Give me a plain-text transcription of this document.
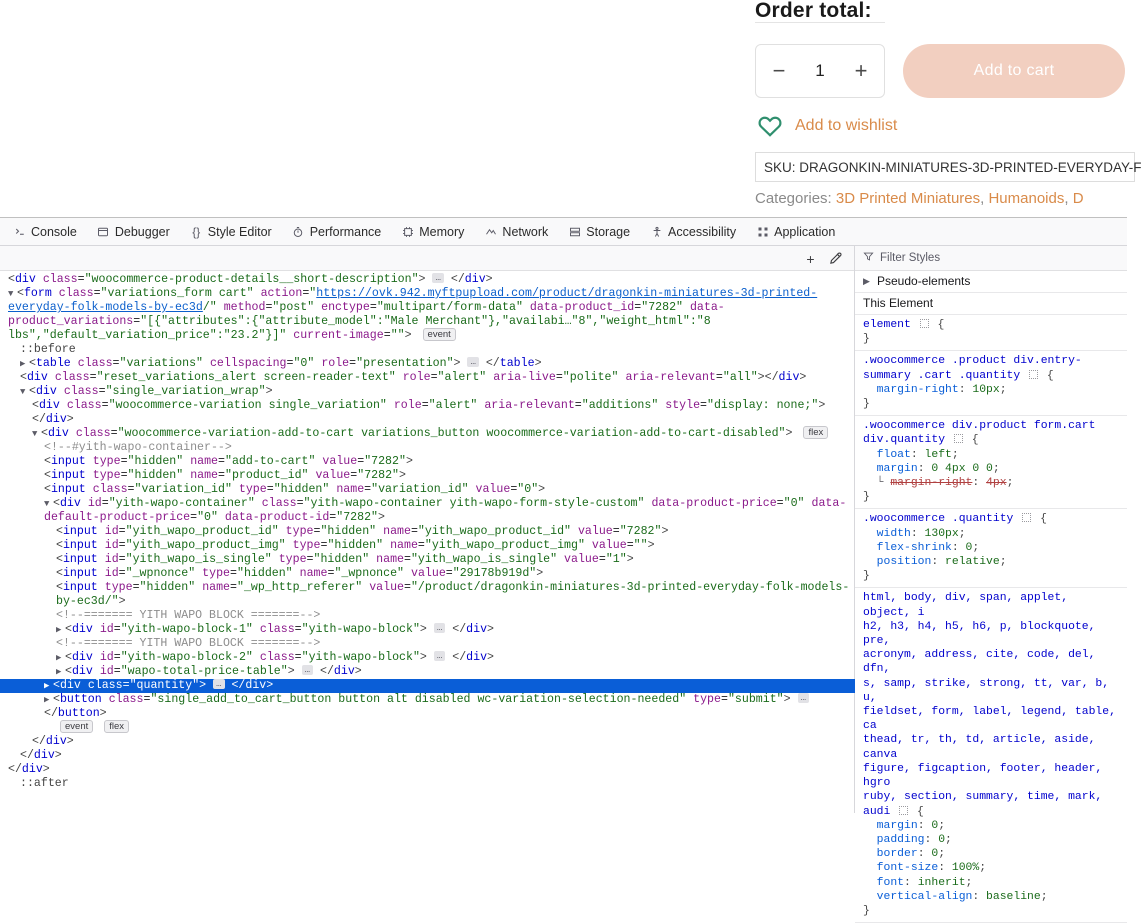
Order total:
− 1 +	Add to cart
Add to wishlist
SKU: DRAGONKIN-MINIATURES-3D-PRINTED-EVERYDAY-F
Categories: 3D Printed Miniatures, Humanoids, D
Console	Debugger {} Style Editor	Performance	Memory	Network	Storage	Accessibility	Application
+
<div class="woocommerce-product-details__short-description"> … </div>
▼ <form class="variations_form cart" action="https://ovk.942.myftpupload.com/product/dragonkin-miniatures-3d-printed-everyday-folk-models-by-ec3d/" method="post" enctype="multipart/form-data" data-product_id="7282" data-product_variations="[{"attributes":{"attribute_model":"Male Merchant"},"availabi…"8","weight_html":"8 lbs","default_variation_price":"23.2"}]" current-image=""> event
::before
▶ <table class="variations" cellspacing="0" role="presentation"> … </table>
<div class="reset_variations_alert screen-reader-text" role="alert" aria-live="polite" aria-relevant="all"></div>
▼ <div class="single_variation_wrap">
<div class="woocommerce-variation single_variation" role="alert" aria-relevant="additions" style="display: none;"></div>
▼ <div class="woocommerce-variation-add-to-cart variations_button woocommerce-variation-add-to-cart-disabled"> flex
<!--#yith-wapo-container-->
<input type="hidden" name="add-to-cart" value="7282">
<input type="hidden" name="product_id" value="7282">
<input class="variation_id" type="hidden" name="variation_id" value="0">
▼ <div id="yith-wapo-container" class="yith-wapo-container yith-wapo-form-style-custom" data-product-price="0" data-default-product-price="0" data-product-id="7282">
<input id="yith_wapo_product_id" type="hidden" name="yith_wapo_product_id" value="7282">
<input id="yith_wapo_product_img" type="hidden" name="yith_wapo_product_img" value="">
<input id="yith_wapo_is_single" type="hidden" name="yith_wapo_is_single" value="1">
<input id="_wpnonce" type="hidden" name="_wpnonce" value="29178b919d">
<input type="hidden" name="_wp_http_referer" value="/product/dragonkin-miniatures-3d-printed-everyday-folk-models-by-ec3d/">
<!--======= YITH WAPO BLOCK =======-->
▶ <div id="yith-wapo-block-1" class="yith-wapo-block"> … </div>
<!--======= YITH WAPO BLOCK =======-->
▶ <div id="yith-wapo-block-2" class="yith-wapo-block"> … </div>
▶ <div id="wapo-total-price-table"> … </div>
▶ <div class="quantity"> … </div>
▶ <button class="single_add_to_cart_button button alt disabled wc-variation-selection-needed" type="submit"> … </button>
event flex
</div>
</div>
</div>
::after
Filter Styles
▶ Pseudo-elements
This Element
element {
}
.woocommerce .product div.entry-summary .cart .quantity {
margin-right: 10px;
}
.woocommerce div.product form.cart div.quantity {
float: left;
margin: 0 4px 0 0;
└ margin-right: 4px;
}
.woocommerce .quantity {
width: 130px;
flex-shrink: 0;
position: relative;
}
html, body, div, span, applet, object, i
h2, h3, h4, h5, h6, p, blockquote, pre,
acronym, address, cite, code, del, dfn,
s, samp, strike, strong, tt, var, b, u,
fieldset, form, label, legend, table, ca
thead, tr, th, td, article, aside, canva
figure, figcaption, footer, header, hgro
ruby, section, summary, time, mark, audi {
margin: 0;
padding: 0;
border: 0;
font-size: 100%;
font: inherit;
vertical-align: baseline;
}
